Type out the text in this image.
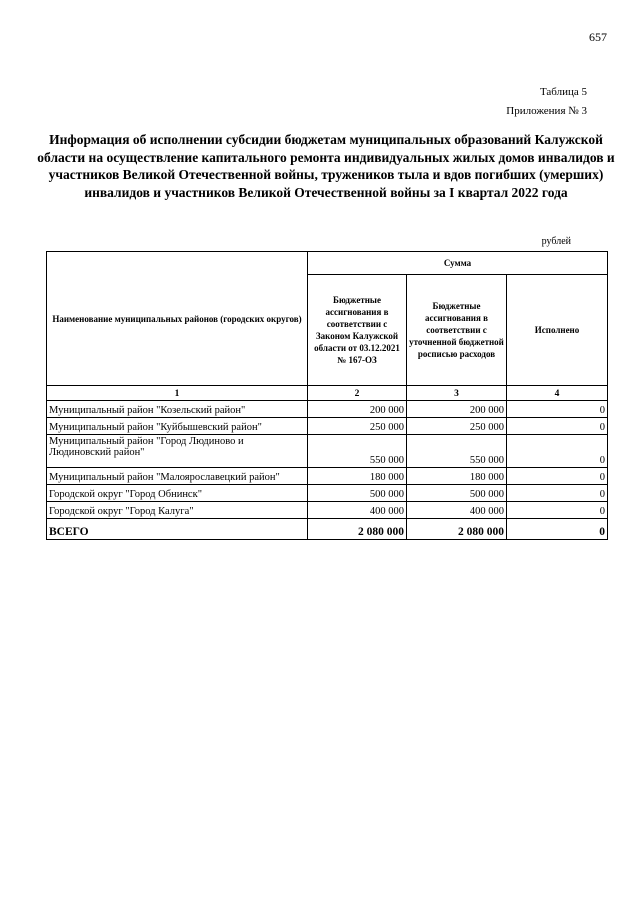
657
Таблица 5
Приложения № 3
Информация об исполнении субсидии бюджетам муниципальных образований Калужской области на осуществление капитального ремонта индивидуальных жилых домов инвалидов и участников Великой Отечественной войны, тружеников тыла и вдов погибших (умерших) инвалидов и участников Великой Отечественной войны за I квартал 2022 года
рублей
Наименование муниципальных районов (городских округов)	Сумма		
	Бюджетные ассигнования в соответствии с Законом Калужской области от 03.12.2021 № 167-ОЗ	Бюджетные ассигнования в соответствии с уточненной бюджетной росписью расходов	Исполнено
1	2	3	4
Муниципальный район "Козельский район"	200 000	200 000	0
Муниципальный район "Куйбышевский район"	250 000	250 000	0
Муниципальный район "Город Людиново и Людиновский район"	550 000	550 000	0
Муниципальный район "Малоярославецкий район"	180 000	180 000	0
Городской округ "Город Обнинск"	500 000	500 000	0
Городской округ "Город Калуга"	400 000	400 000	0
ВСЕГО	2 080 000	2 080 000	0
